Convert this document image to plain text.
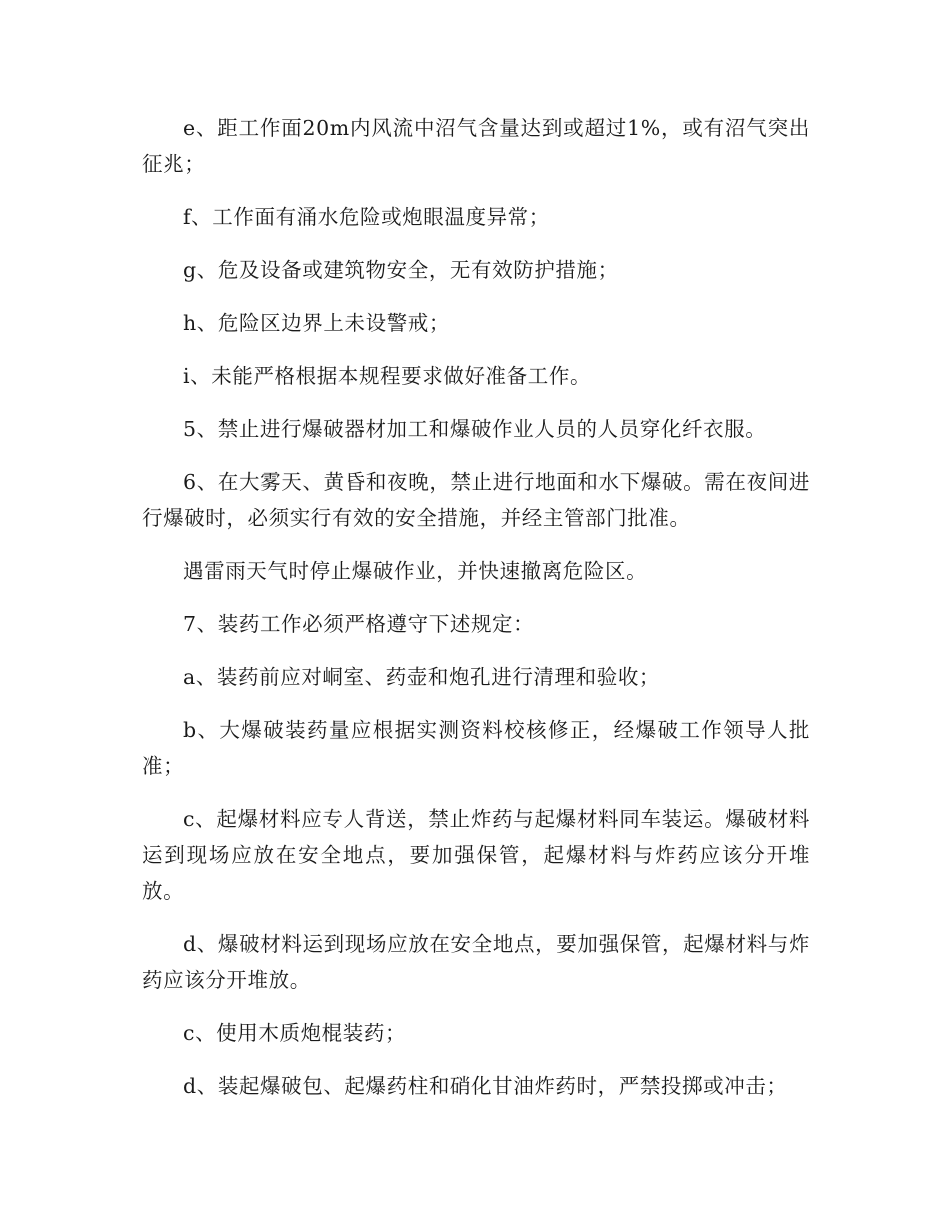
e、距工作面20m内风流中沼气含量达到或超过1%，或有沼气突出征兆；

f、工作面有涌水危险或炮眼温度异常；

g、危及设备或建筑物安全，无有效防护措施；

h、危险区边界上未设警戒；

i、未能严格根据本规程要求做好准备工作。

5、禁止进行爆破器材加工和爆破作业人员的人员穿化纤衣服。

6、在大雾天、黄昏和夜晚，禁止进行地面和水下爆破。需在夜间进行爆破时，必须实行有效的安全措施，并经主管部门批准。

遇雷雨天气时停止爆破作业，并快速撤离危险区。

7、装药工作必须严格遵守下述规定：

a、装药前应对峒室、药壶和炮孔进行清理和验收；

b、大爆破装药量应根据实测资料校核修正，经爆破工作领导人批准；

c、起爆材料应专人背送，禁止炸药与起爆材料同车装运。爆破材料运到现场应放在安全地点，要加强保管，起爆材料与炸药应该分开堆放。

d、爆破材料运到现场应放在安全地点，要加强保管，起爆材料与炸药应该分开堆放。

c、使用木质炮棍装药；

d、装起爆破包、起爆药柱和硝化甘油炸药时，严禁投掷或冲击；
